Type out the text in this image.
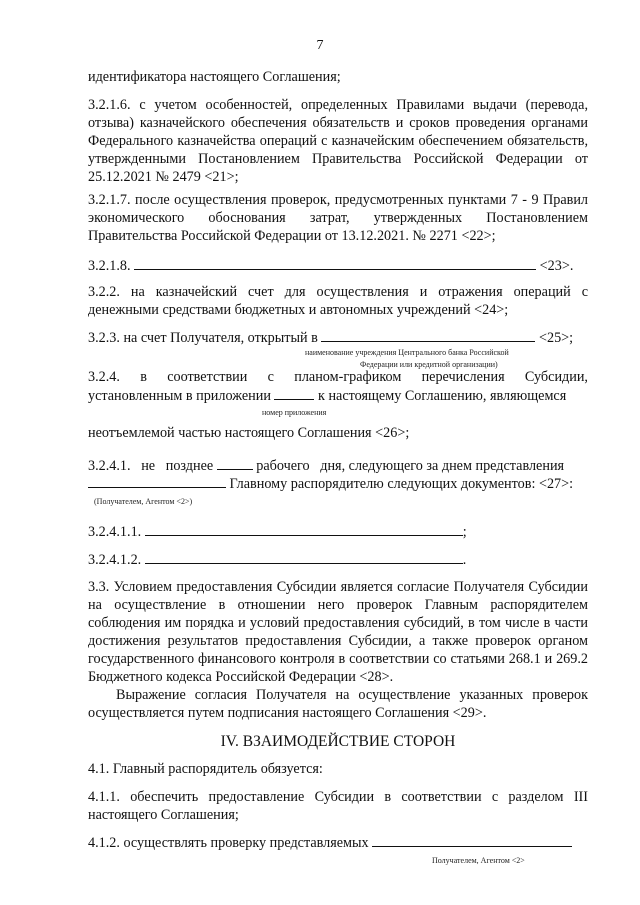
7
идентификатора настоящего Соглашения;

3.2.1.6. с учетом особенностей, определенных Правилами выдачи (перевода, отзыва) казначейского обеспечения обязательств и сроков проведения органами Федерального казначейства операций с казначейским обеспечением обязательств, утвержденными Постановлением Правительства Российской Федерации от 25.12.2021 № 2479 <21>;

3.2.1.7. после осуществления проверок, предусмотренных пунктами 7 - 9 Правил экономического обоснования затрат, утвержденных Постановлением Правительства Российской Федерации от 13.12.2021. № 2271 <22>;

3.2.1.8.	<23>.

3.2.2. на казначейский счет для осуществления и отражения операций с денежными средствами бюджетных и автономных учреждений <24>;

3.2.3. на счет Получателя, открытый в	<25>;
наименование учреждения Центрального банка Российской
Федерации или кредитной организации)
3.2.4. в соответствии с планом-графиком перечисления Субсидии,
установленным в приложении	к настоящему Соглашению, являющемся
номер приложения
неотъемлемой частью настоящего Соглашения <26>;
3.2.4.1. не позднее	рабочего дня, следующего за днем представления
Главному распорядителю следующих документов: <27>:
(Получателем, Агентом <2>)
3.2.4.1.1.	;
3.2.4.1.2.	.

3.3. Условием предоставления Субсидии является согласие Получателя Субсидии на осуществление в отношении него проверок Главным распорядителем соблюдения им порядка и условий предоставления субсидий, в том числе в части достижения результатов предоставления Субсидии, а также проверок органом государственного финансового контроля в соответствии со статьями 268.1 и 269.2 Бюджетного кодекса Российской Федерации <28>.

Выражение согласия Получателя на осуществление указанных проверок осуществляется путем подписания настоящего Соглашения <29>.

IV. ВЗАИМОДЕЙСТВИЕ СТОРОН
4.1. Главный распорядитель обязуется:

4.1.1. обеспечить предоставление Субсидии в соответствии с разделом III настоящего Соглашения;

4.1.2. осуществлять проверку представляемых
Получателем, Агентом <2>
